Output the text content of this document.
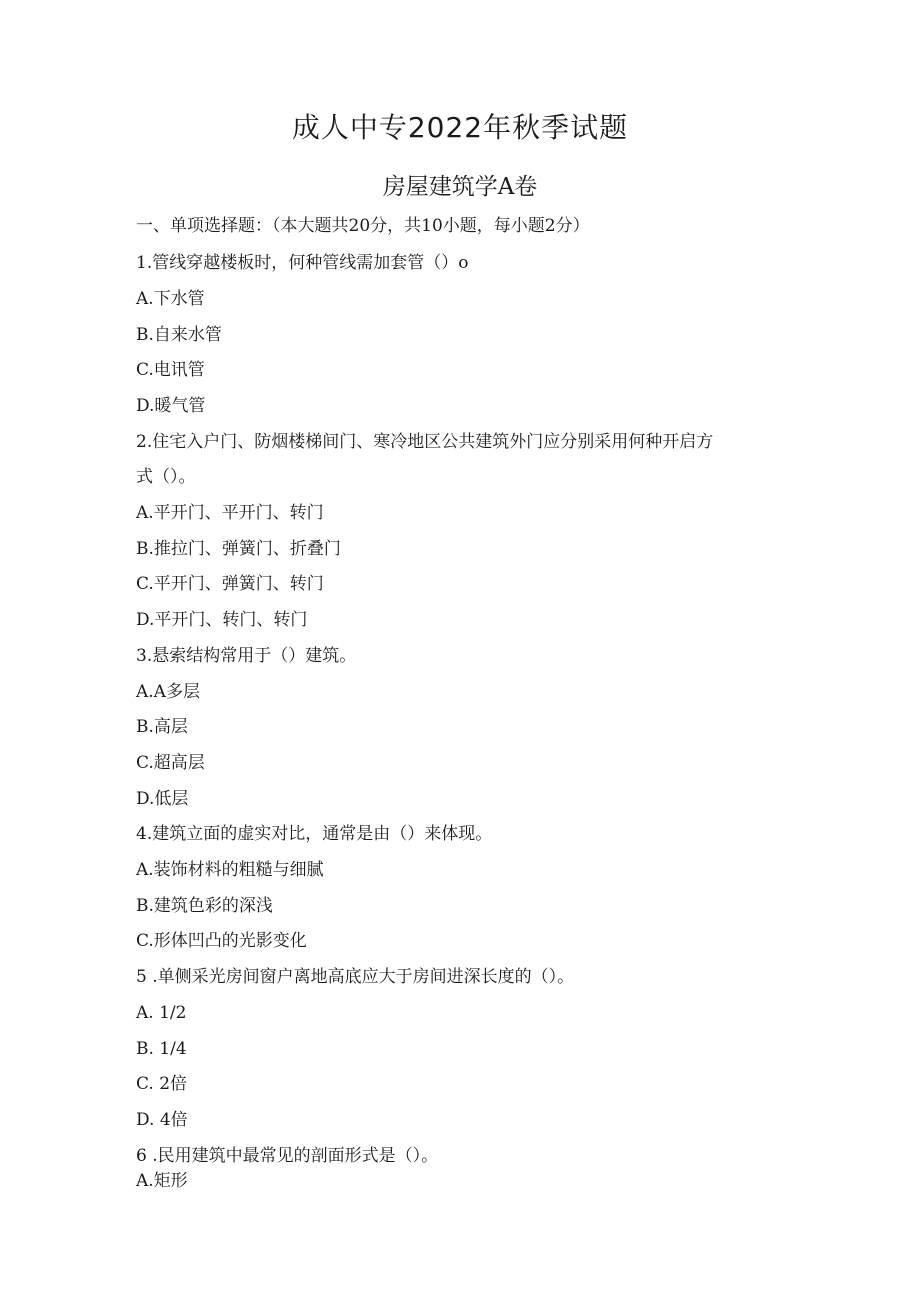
成人中专2022年秋季试题
房屋建筑学A卷
一、单项选择题：（本大题共20分，共10小题，每小题2分）
1.管线穿越楼板时，何种管线需加套管（）o
A.下水管
B.自来水管
C.电讯管
D.暖气管
2.住宅入户门、防烟楼梯间门、寒冷地区公共建筑外门应分别采用何种开启方
式（）。
A.平开门、平开门、转门
B.推拉门、弹簧门、折叠门
C.平开门、弹簧门、转门
D.平开门、转门、转门
3.悬索结构常用于（）建筑。
A.A多层
B.高层
C.超高层
D.低层
4.建筑立面的虚实对比，通常是由（）来体现。
A.装饰材料的粗糙与细腻
B.建筑色彩的深浅
C.形体凹凸的光影变化
5 .单侧采光房间窗户离地高底应大于房间进深长度的（）。
A. 1/2
B. 1/4
C. 2倍
D. 4倍
6 .民用建筑中最常见的剖面形式是（）。
A.矩形
